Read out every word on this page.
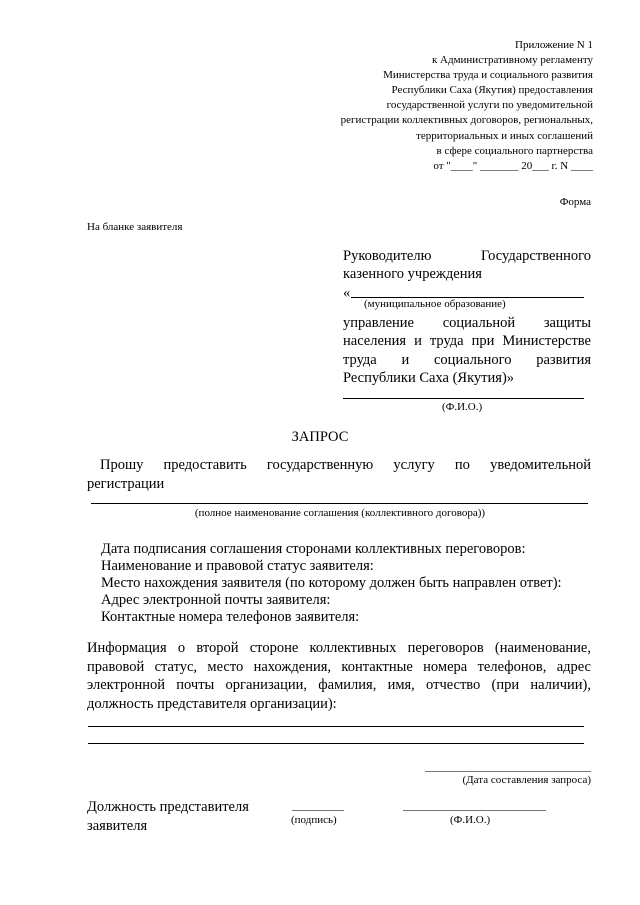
Приложение N 1
к Административному регламенту
Министерства труда и социального развития
Республики Саха (Якутия) предоставления
государственной услуги по уведомительной
регистрации коллективных договоров, региональных,
территориальных и иных соглашений
в сфере социального партнерства
от "____" _______ 20___ г. N ____
Форма
На бланке заявителя
Руководителю Государственного
казенного учреждения
«
(муниципальное образование)
управление социальной защиты
населения и труда при Министерстве
труда и социального развития
Республики Саха (Якутия)»
(Ф.И.О.)
ЗАПРОС
Прошу предоставить государственную услугу по уведомительной
регистрации
(полное наименование соглашения (коллективного договора))
Дата подписания соглашения сторонами коллективных переговоров:
Наименование и правовой статус заявителя:
Место нахождения заявителя (по которому должен быть направлен ответ):
Адрес электронной почты заявителя:
Контактные номера телефонов заявителя:
Информация о второй стороне коллективных переговоров (наименование,
правовой статус, место нахождения, контактные номера телефонов, адрес
электронной почты организации, фамилия, имя, отчество (при наличии),
должность представителя организации):
(Дата составления запроса)
Должность представителя
заявителя	(подпись)	(Ф.И.О.)
